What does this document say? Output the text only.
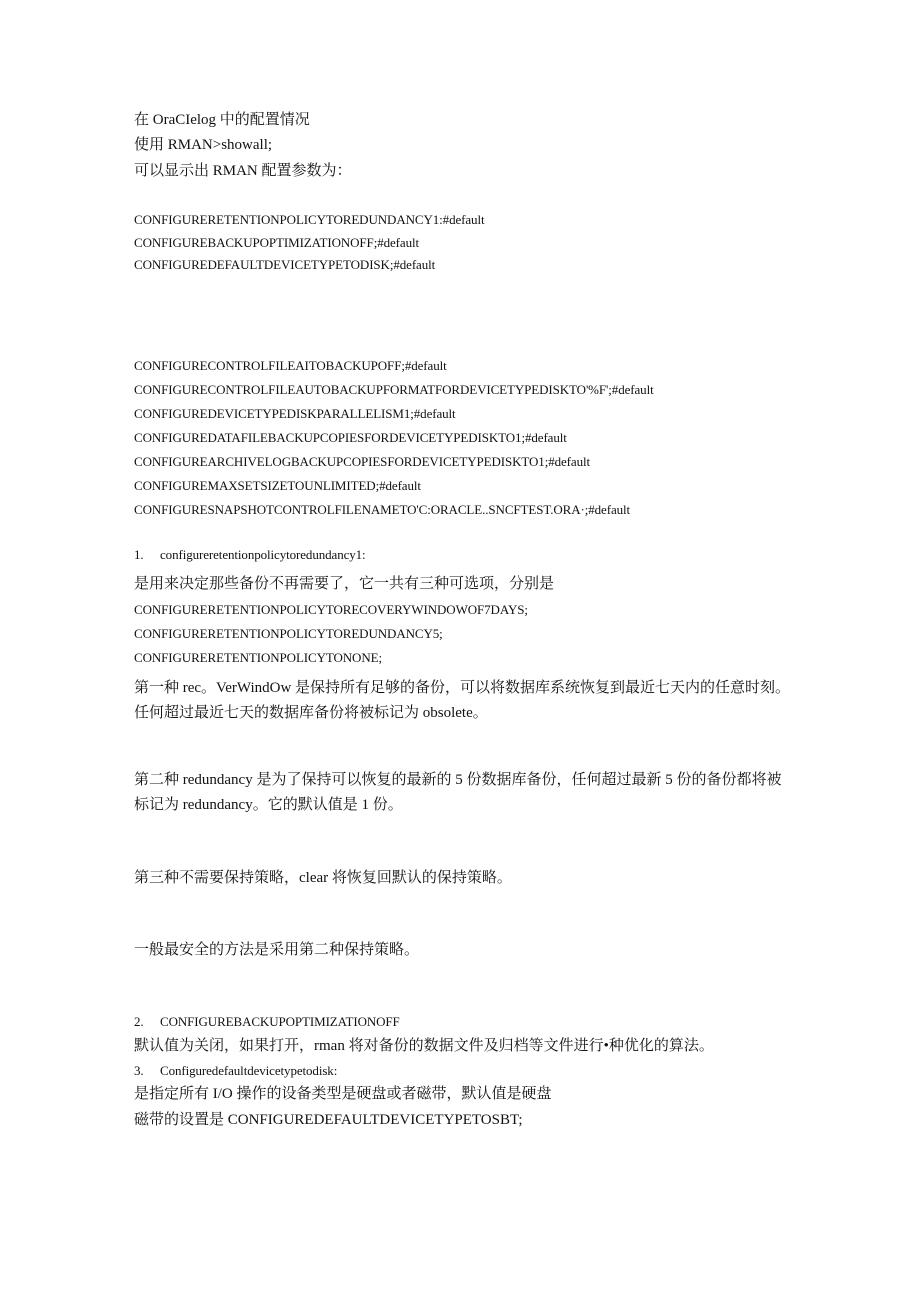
在 OraCIelog 中的配置情况
使用 RMAN>showall;
可以显示出 RMAN 配置参数为：
CONFIGURERETENTIONPOLICYTOREDUNDANCY1:#default
CONFIGUREBACKUPOPTIMIZATIONOFF;#default
CONFIGUREDEFAULTDEVICETYPETODISK;#default
CONFIGURECONTROLFILEAITOBACKUPOFF;#default
CONFIGURECONTROLFILEAUTOBACKUPFORMATFORDEVICETYPEDISKTO'%F';#default
CONFIGUREDEVICETYPEDISKPARALLELISM1;#default
CONFIGUREDATAFILEBACKUPCOPIESFORDEVICETYPEDISKTO1;#default
CONFIGUREARCHIVELOGBACKUPCOPIESFORDEVICETYPEDISKTO1;#default
CONFIGUREMAXSETSIZETOUNLIMITED;#default
CONFIGURESNAPSHOTCONTROLFILENAMETO'C:ORACLE..SNCFTEST.ORA·;#default
1. configureretentionpolicytoredundancy1:
是用来决定那些备份不再需要了，它一共有三种可选项，分别是
CONFIGURERETENTIONPOLICYTORECOVERYWINDOWOF7DAYS;
CONFIGURERETENTIONPOLICYTOREDUNDANCY5;
CONFIGURERETENTIONPOLICYTONONE;
第一种 rec。VerWindOw 是保持所有足够的备份，可以将数据库系统恢复到最近七天内的任意时刻。
任何超过最近七天的数据库备份将被标记为 obsolete。
第二种 redundancy 是为了保持可以恢复的最新的 5 份数据库备份，任何超过最新 5 份的备份都将被
标记为 redundancy。它的默认值是 1 份。
第三种不需要保持策略，clear 将恢复回默认的保持策略。
一般最安全的方法是采用第二种保持策略。
2. CONFIGUREBACKUPOPTIMIZATIONOFF
默认值为关闭，如果打开，rman 将对备份的数据文件及归档等文件进行•种优化的算法。
3. Configuredefaultdevicetypetodisk:
是指定所有 I/O 操作的设备类型是硬盘或者磁带，默认值是硬盘
磁带的设置是 CONFIGUREDEFAULTDEVICETYPETOSBT;
